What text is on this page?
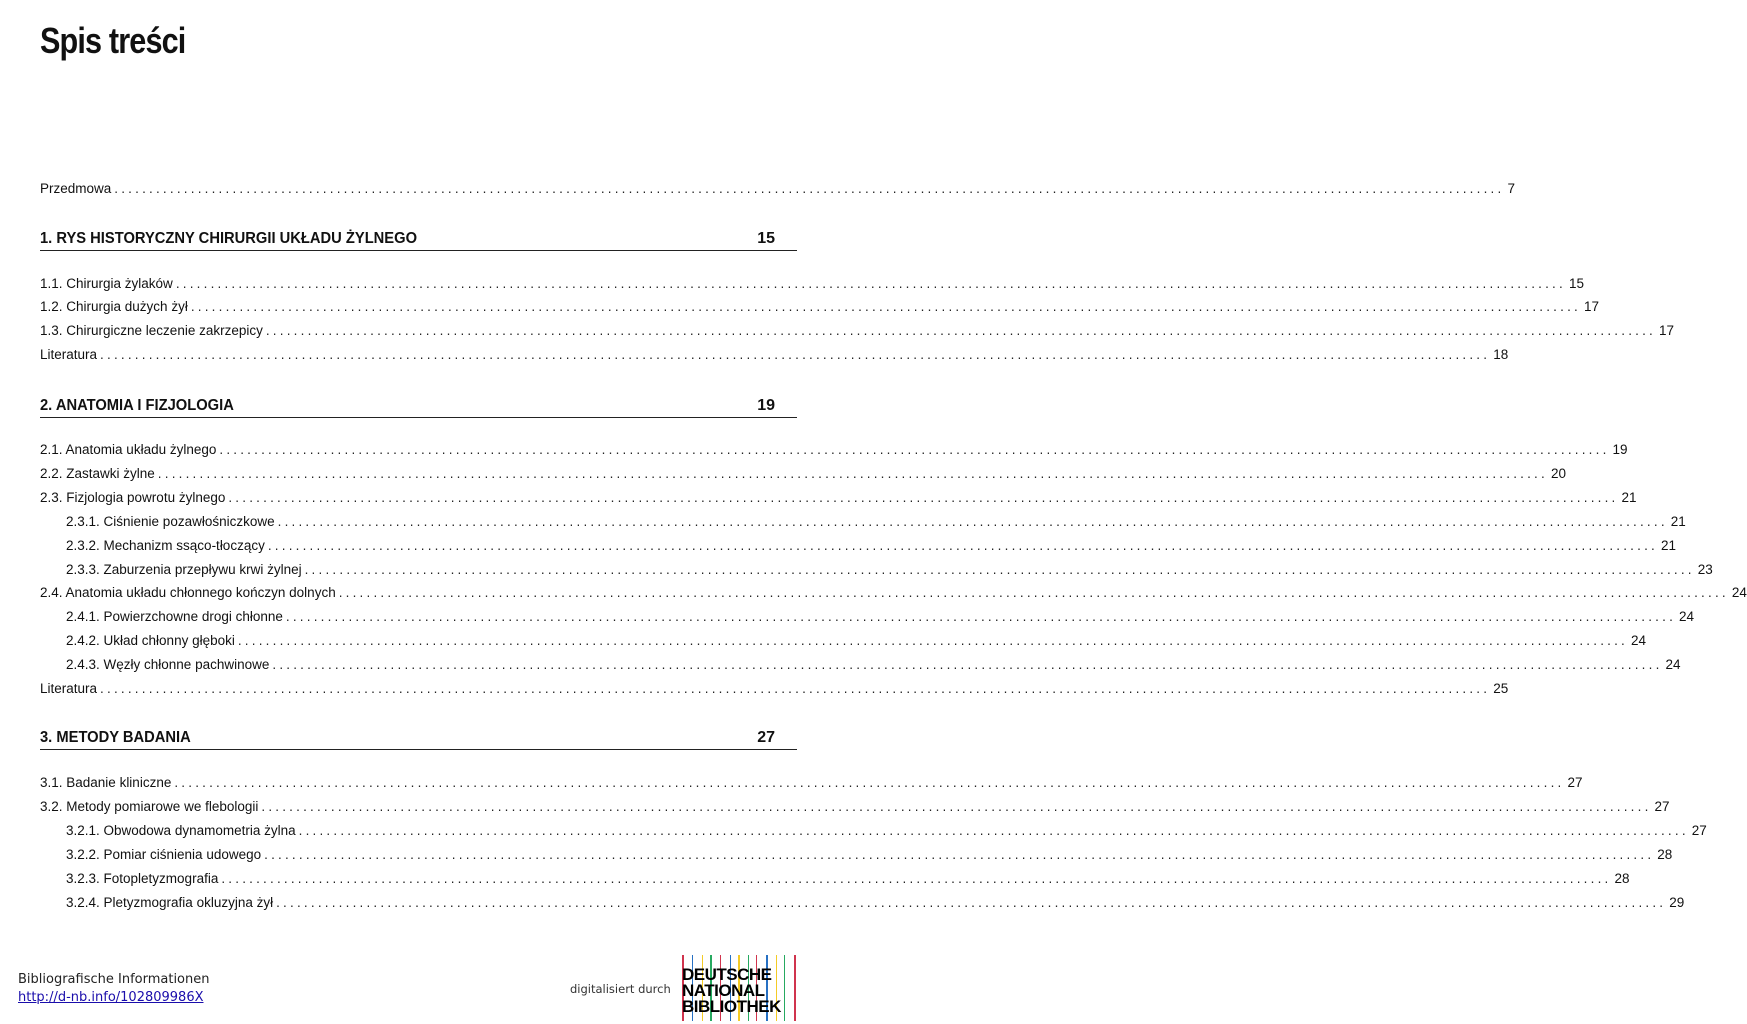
Spis treści
Przedmowa ........................................................................................................................................................................................................ 7
1. RYS HISTORYCZNY CHIRURGII UKŁADU ŻYLNEGO	15
1.1. Chirurgia żylaków ........................................................................................................................................................................................................ 15
1.2. Chirurgia dużych żył ........................................................................................................................................................................................................ 17
1.3. Chirurgiczne leczenie zakrzepicy ........................................................................................................................................................................................................ 17
Literatura ........................................................................................................................................................................................................ 18
2. ANATOMIA I FIZJOLOGIA	19
2.1. Anatomia układu żylnego ........................................................................................................................................................................................................ 19
2.2. Zastawki żylne ........................................................................................................................................................................................................ 20
2.3. Fizjologia powrotu żylnego ........................................................................................................................................................................................................ 21
2.3.1. Ciśnienie pozawłośniczkowe ........................................................................................................................................................................................................ 21
2.3.2. Mechanizm ssąco-tłoczący ........................................................................................................................................................................................................ 21
2.3.3. Zaburzenia przepływu krwi żylnej ........................................................................................................................................................................................................ 23
2.4. Anatomia układu chłonnego kończyn dolnych ........................................................................................................................................................................................................ 24
2.4.1. Powierzchowne drogi chłonne ........................................................................................................................................................................................................ 24
2.4.2. Układ chłonny głęboki ........................................................................................................................................................................................................ 24
2.4.3. Węzły chłonne pachwinowe ........................................................................................................................................................................................................ 24
Literatura ........................................................................................................................................................................................................ 25
3. METODY BADANIA	27
3.1. Badanie kliniczne ........................................................................................................................................................................................................ 27
3.2. Metody pomiarowe we flebologii ........................................................................................................................................................................................................ 27
3.2.1. Obwodowa dynamometria żylna ........................................................................................................................................................................................................ 27
3.2.2. Pomiar ciśnienia udowego ........................................................................................................................................................................................................ 28
3.2.3. Fotopletyzmografia ........................................................................................................................................................................................................ 28
3.2.4. Pletyzmografia okluzyjna żył ........................................................................................................................................................................................................ 29
Bibliografische Informationen
http://d-nb.info/102809986X
digitalisiert durch
DEUTSCHE
NATIONAL
BIBLIOTHEK
